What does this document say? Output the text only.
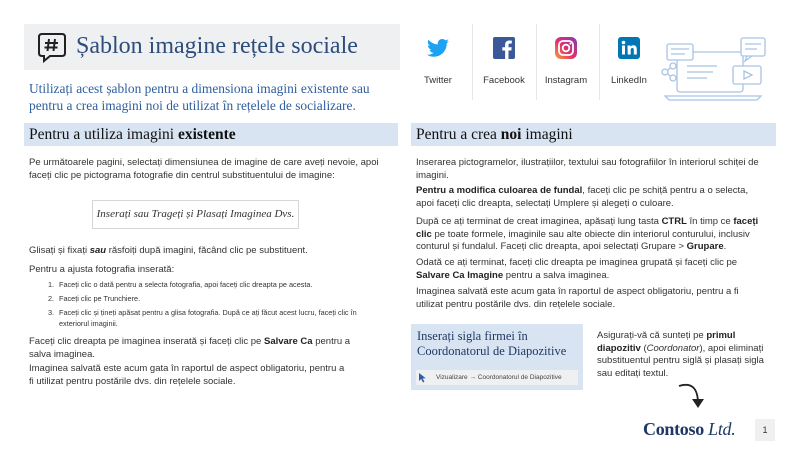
Șablon imagine rețele sociale
Twitter	Facebook	Instagram	LinkedIn
Utilizați acest șablon pentru a dimensiona imagini existente sau pentru a crea imagini noi de utilizat în rețelele de socializare.
Pentru a utiliza imagini existente
Pe următoarele pagini, selectați dimensiunea de imagine de care aveți nevoie, apoi faceți clic pe pictograma fotografie din centrul substituentului de imagine:
Inserați sau Trageți și Plasați Imaginea Dvs.
Glisați și fixați sau răsfoiți după imagini, făcând clic pe substituent.
Pentru a ajusta fotografia inserată:
1. Faceți clic o dată pentru a selecta fotografia, apoi faceți clic dreapta pe acesta.
2. Faceți clic pe Trunchiere.
3. Faceți clic și țineți apăsat pentru a glisa fotografia. După ce ați făcut acest lucru, faceți clic în exteriorul imaginii.
Faceți clic dreapta pe imaginea inserată și faceți clic pe Salvare Ca pentru a salva imaginea.
Imaginea salvată este acum gata în raportul de aspect obligatoriu, pentru a fi utilizat pentru postările dvs. din rețelele sociale.
Pentru a crea noi imagini
Inserarea pictogramelor, ilustrațiilor, textului sau fotografiilor în interiorul schiței de imagini.
Pentru a modifica culoarea de fundal, faceți clic pe schiță pentru a o selecta, apoi faceți clic dreapta, selectați Umplere și alegeți o culoare.
După ce ați terminat de creat imaginea, apăsați lung tasta CTRL în timp ce faceți clic pe toate formele, imaginile sau alte obiecte din interiorul conturului, inclusiv conturul și fundalul. Faceți clic dreapta, apoi selectați Grupare > Grupare.
Odată ce ați terminat, faceți clic dreapta pe imaginea grupată și faceți clic pe Salvare Ca Imagine pentru a salva imaginea.
Imaginea salvată este acum gata în raportul de aspect obligatoriu, pentru a fi utilizat pentru postările dvs. din rețelele sociale.
Inserați sigla firmei în Coordonatorul de Diapozitive
Vizualizare → Coordonatorul de Diapozitive
Asigurați-vă că sunteți pe primul diapozitiv (Coordonator), apoi eliminați substituentul pentru siglă și plasați sigla sau editați textul.
Contoso Ltd.	1
